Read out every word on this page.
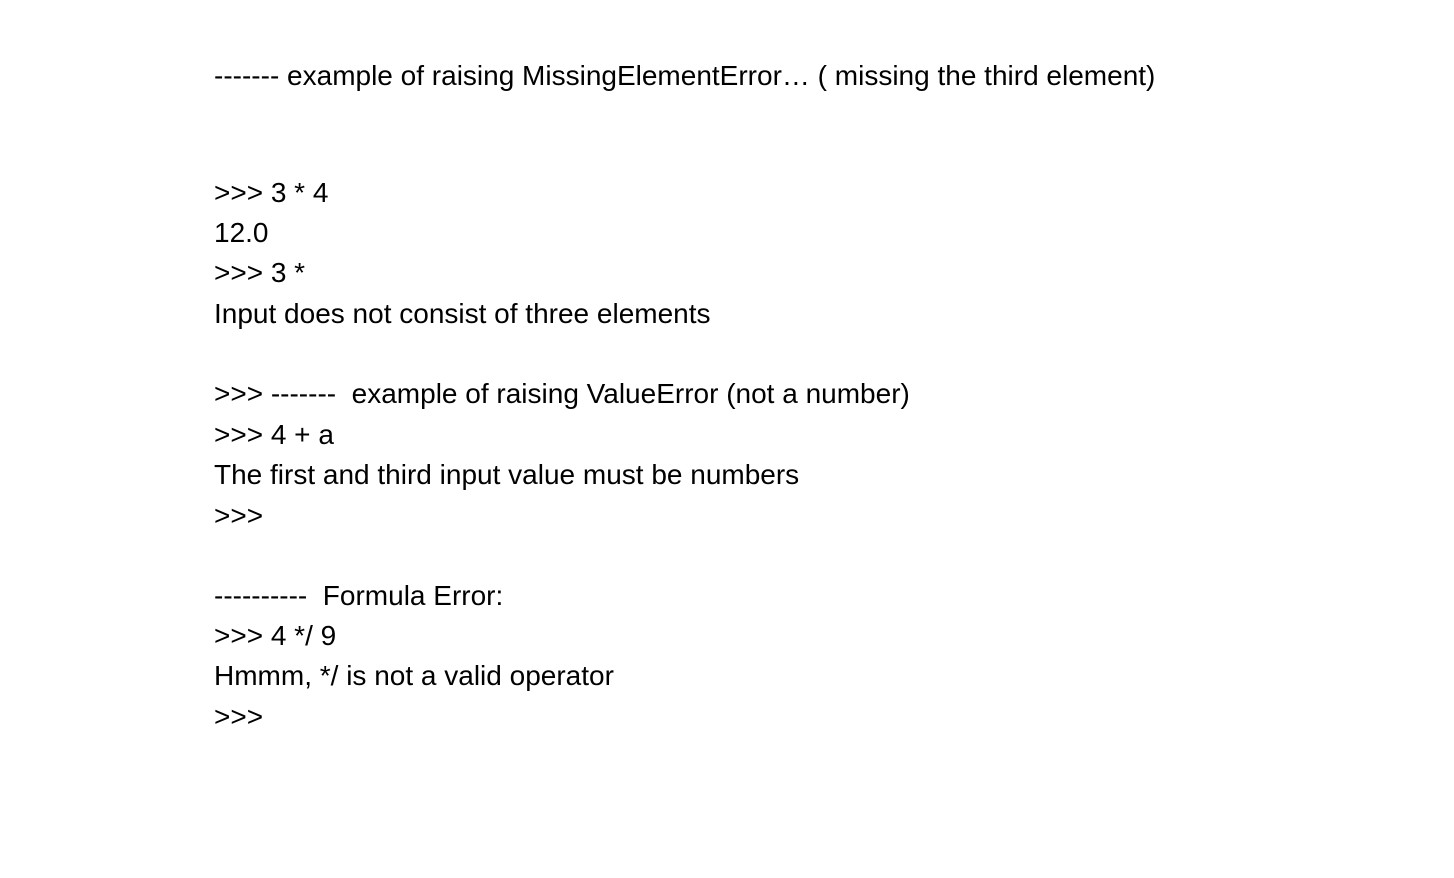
------- example of raising MissingElementError… ( missing the third element)
>>> 3 * 4
12.0
>>> 3 *
Input does not consist of three elements
>>> -------  example of raising ValueError (not a number)
>>> 4 + a
The first and third input value must be numbers
>>>
----------  Formula Error:
>>> 4 */ 9
Hmmm, */ is not a valid operator
>>>
